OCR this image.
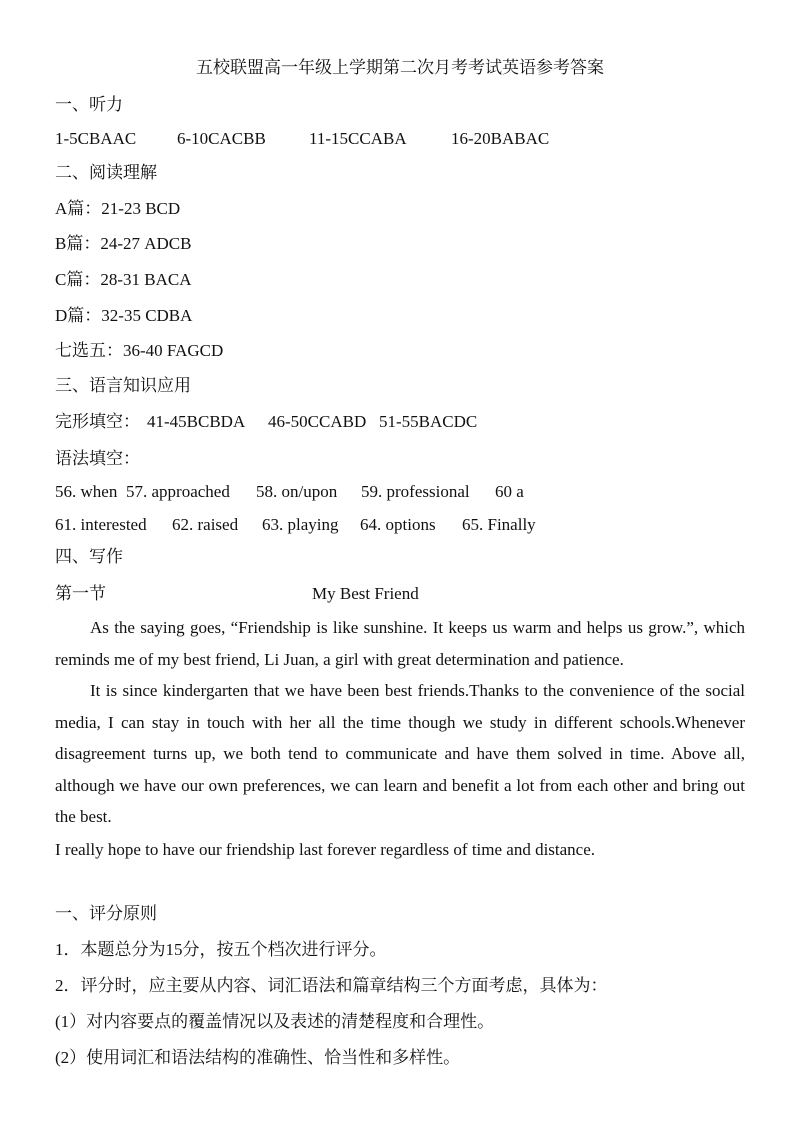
五校联盟高一年级上学期第二次月考考试英语参考答案
一、听力
1-5CBAAC 6-10CACBB	11-15CCABA	16-20BABAC
二、阅读理解
A篇：21-23 BCD
B篇：24-27 ADCB
C篇：28-31 BACA
D篇：32-35 CDBA
七选五：36-40 FAGCD
三、语言知识应用
完形填空： 41-45BCBDA 46-50CCABD 51-55BACDC
语法填空：
56. when 57. approached 58. on/upon 59. professional 60 a
61. interested 62. raised 63. playing 64. options 65. Finally
四、写作
第一节	My Best Friend
As the saying goes, “Friendship is like sunshine. It keeps us warm and helps us grow.”, which reminds me of my best friend, Li Juan, a girl with great determination and patience.
It is since kindergarten that we have been best friends.Thanks to the convenience of the social media, I can stay in touch with her all the time though we study in different schools.Whenever disagreement turns up, we both tend to communicate and have them solved in time. Above all, although we have our own preferences, we can learn and benefit a lot from each other and bring out the best.
I really hope to have our friendship last forever regardless of time and distance.
一、评分原则
1．本题总分为15分，按五个档次进行评分。
2．评分时，应主要从内容、词汇语法和篇章结构三个方面考虑，具体为：
(1）对内容要点的覆盖情况以及表述的清楚程度和合理性。
(2）使用词汇和语法结构的准确性、恰当性和多样性。
